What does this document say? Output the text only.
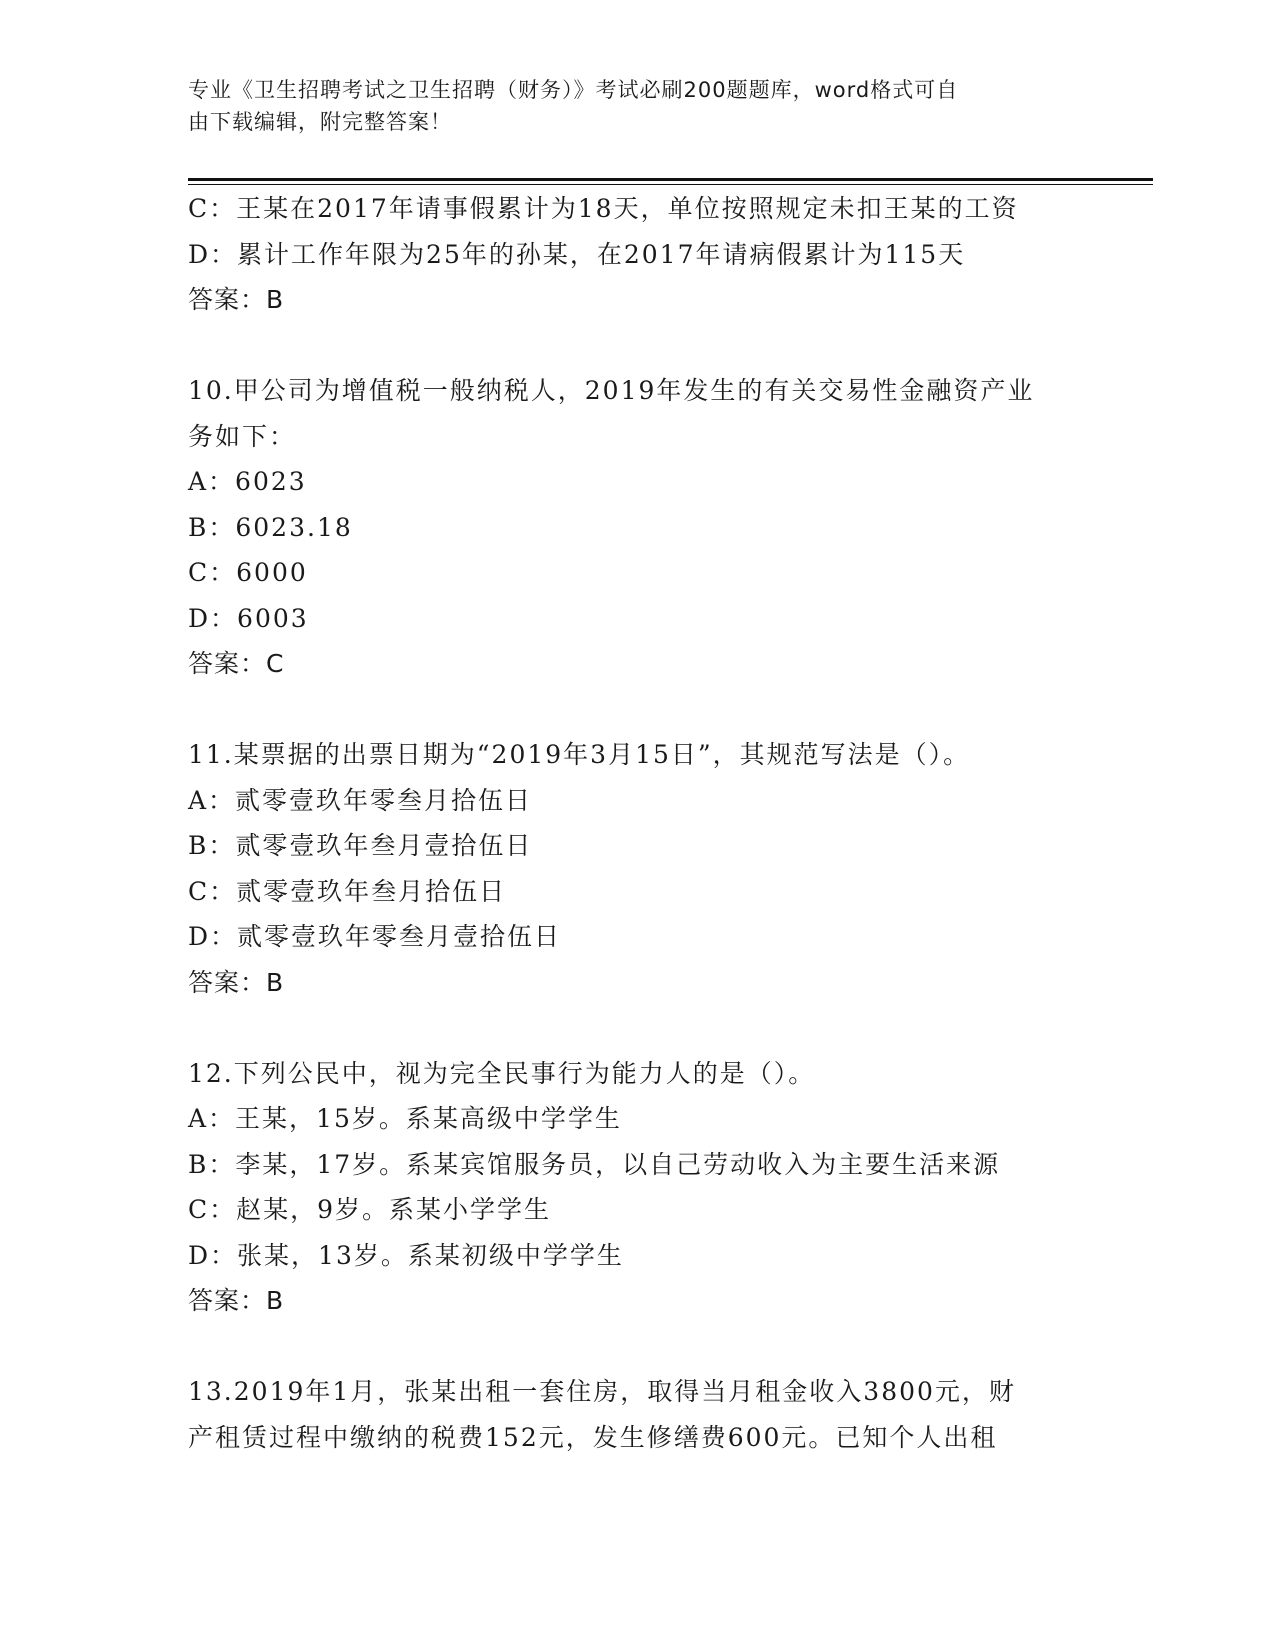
专业《卫生招聘考试之卫生招聘（财务）》考试必刷200题题库，word格式可自
由下载编辑，附完整答案！
C：王某在2017年请事假累计为18天，单位按照规定未扣王某的工资
D：累计工作年限为25年的孙某，在2017年请病假累计为115天
答案：B
10.甲公司为增值税一般纳税人，2019年发生的有关交易性金融资产业
务如下：
A：6023
B：6023.18
C：6000
D：6003
答案：C
11.某票据的出票日期为“2019年3月15日”，其规范写法是（）。
A：贰零壹玖年零叁月拾伍日
B：贰零壹玖年叁月壹拾伍日
C：贰零壹玖年叁月拾伍日
D：贰零壹玖年零叁月壹拾伍日
答案：B
12.下列公民中，视为完全民事行为能力人的是（）。
A：王某，15岁。系某高级中学学生
B：李某，17岁。系某宾馆服务员，以自己劳动收入为主要生活来源
C：赵某，9岁。系某小学学生
D：张某，13岁。系某初级中学学生
答案：B
13.2019年1月，张某出租一套住房，取得当月租金收入3800元，财
产租赁过程中缴纳的税费152元，发生修缮费600元。已知个人出租
